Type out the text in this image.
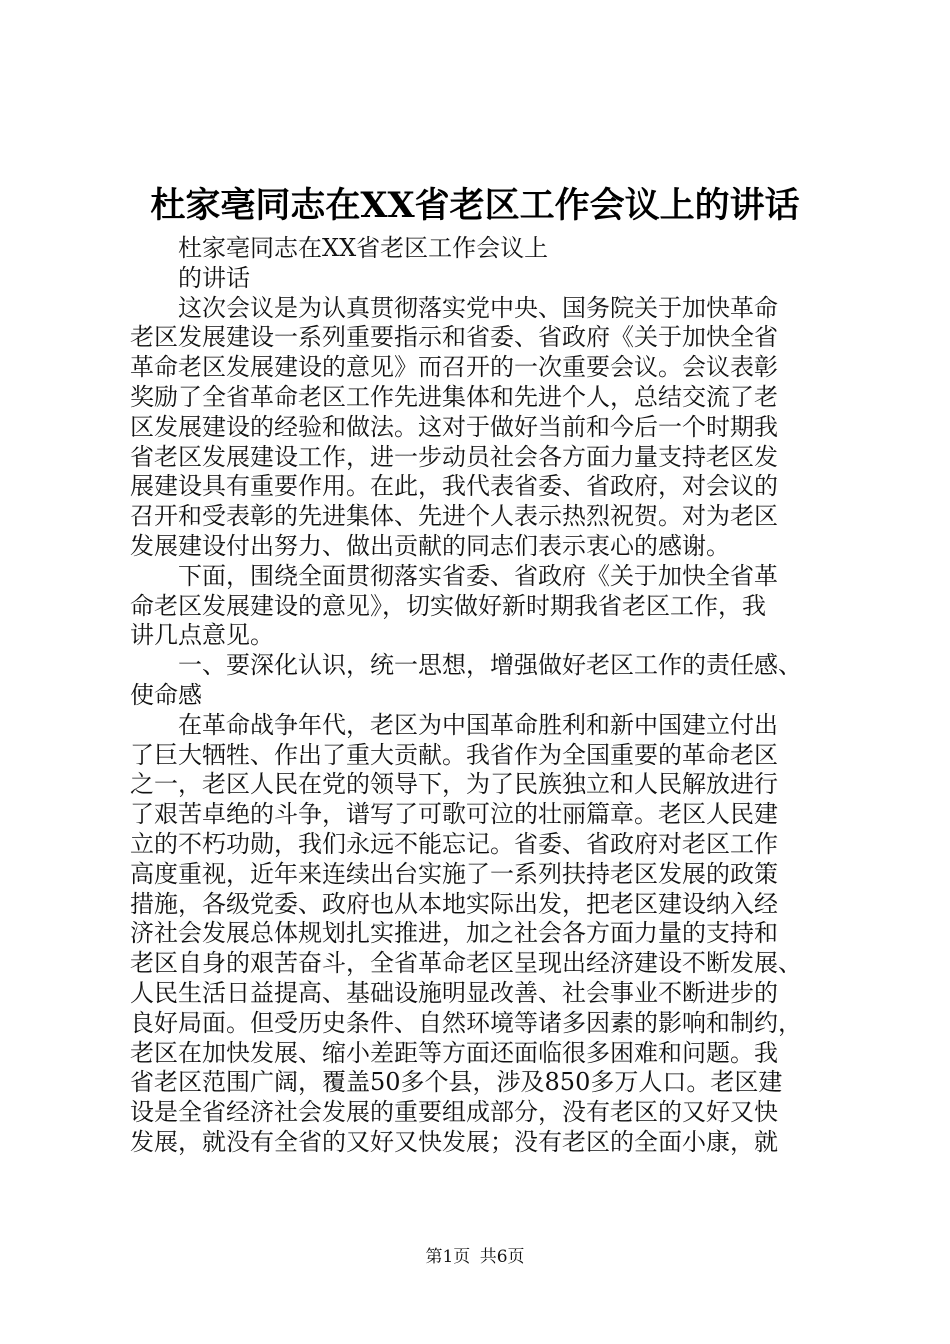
杜家亳同志在XX省老区工作会议上的讲话
杜家亳同志在XX省老区工作会议上
的讲话
这次会议是为认真贯彻落实党中央、国务院关于加快革命
老区发展建设一系列重要指示和省委、省政府《关于加快全省
革命老区发展建设的意见》而召开的一次重要会议。会议表彰
奖励了全省革命老区工作先进集体和先进个人，总结交流了老
区发展建设的经验和做法。这对于做好当前和今后一个时期我
省老区发展建设工作，进一步动员社会各方面力量支持老区发
展建设具有重要作用。在此，我代表省委、省政府，对会议的
召开和受表彰的先进集体、先进个人表示热烈祝贺。对为老区
发展建设付出努力、做出贡献的同志们表示衷心的感谢。
下面，围绕全面贯彻落实省委、省政府《关于加快全省革
命老区发展建设的意见》，切实做好新时期我省老区工作，我
讲几点意见。
一、要深化认识，统一思想，增强做好老区工作的责任感、
使命感
在革命战争年代，老区为中国革命胜利和新中国建立付出
了巨大牺牲、作出了重大贡献。我省作为全国重要的革命老区
之一，老区人民在党的领导下，为了民族独立和人民解放进行
了艰苦卓绝的斗争，谱写了可歌可泣的壮丽篇章。老区人民建
立的不朽功勋，我们永远不能忘记。省委、省政府对老区工作
高度重视，近年来连续出台实施了一系列扶持老区发展的政策
措施，各级党委、政府也从本地实际出发，把老区建设纳入经
济社会发展总体规划扎实推进，加之社会各方面力量的支持和
老区自身的艰苦奋斗，全省革命老区呈现出经济建设不断发展、
人民生活日益提高、基础设施明显改善、社会事业不断进步的
良好局面。但受历史条件、自然环境等诸多因素的影响和制约，
老区在加快发展、缩小差距等方面还面临很多困难和问题。我
省老区范围广阔，覆盖50多个县，涉及850多万人口。老区建
设是全省经济社会发展的重要组成部分，没有老区的又好又快
发展，就没有全省的又好又快发展；没有老区的全面小康，就
第1页 共6页
